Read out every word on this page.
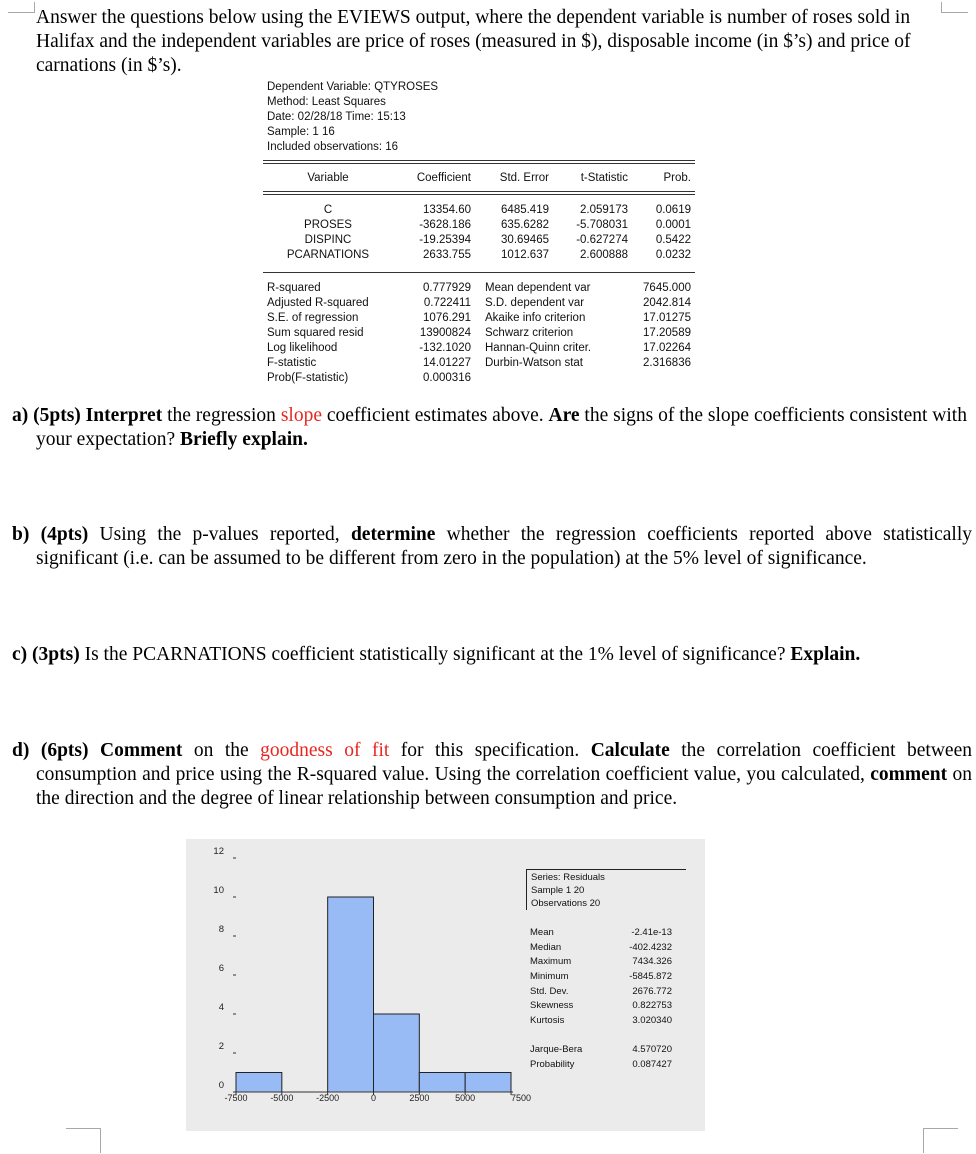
Answer the questions below using the EVIEWS output, where the dependent variable is number of roses sold in Halifax and the independent variables are price of roses (measured in $), disposable income (in $’s) and price of carnations (in $’s).
Dependent Variable: QTYROSES
Method: Least Squares
Date: 02/28/18 Time: 15:13
Sample: 1 16
Included observations: 16
Variable	Coefficient	Std. Error	t-Statistic	Prob.
C	13354.60	6485.419	2.059173	0.0619
PROSES	-3628.186	635.6282	-5.708031	0.0001
DISPINC	-19.25394	30.69465	-0.627274	0.5422
PCARNATIONS	2633.755	1012.637	2.600888	0.0232
R-squared	0.777929 Mean dependent var	7645.000
Adjusted R-squared	0.722411 S.D. dependent var	2042.814
S.E. of regression	1076.291 Akaike info criterion	17.01275
Sum squared resid	13900824 Schwarz criterion	17.20589
Log likelihood	-132.1020 Hannan-Quinn criter.	17.02264
F-statistic	14.01227 Durbin-Watson stat	2.316836
Prob(F-statistic)	0.000316
a) (5pts) Interpret the regression slope coefficient estimates above. Are the signs of the slope coefficients consistent with your expectation? Briefly explain.
b) (4pts) Using the p-values reported, determine whether the regression coefficients reported above statistically significant (i.e. can be assumed to be different from zero in the population) at the 5% level of significance.
c) (3pts) Is the PCARNATIONS coefficient statistically significant at the 1% level of significance? Explain.
d) (6pts) Comment on the goodness of fit for this specification. Calculate the correlation coefficient between consumption and price using the R-squared value. Using the correlation coefficient value, you calculated, comment on the direction and the degree of linear relationship between consumption and price.
0
2
4
6
8
10
12
-7500	-5000	-2500	0	2500	5000	7500
Series: Residuals
Sample 1 20
Observations 20
Mean	-2.41e-13
Median	-402.4232
Maximum	7434.326
Minimum	-5845.872
Std. Dev.	2676.772
Skewness	0.822753
Kurtosis	3.020340
Jarque-Bera	4.570720
Probability	0.087427
